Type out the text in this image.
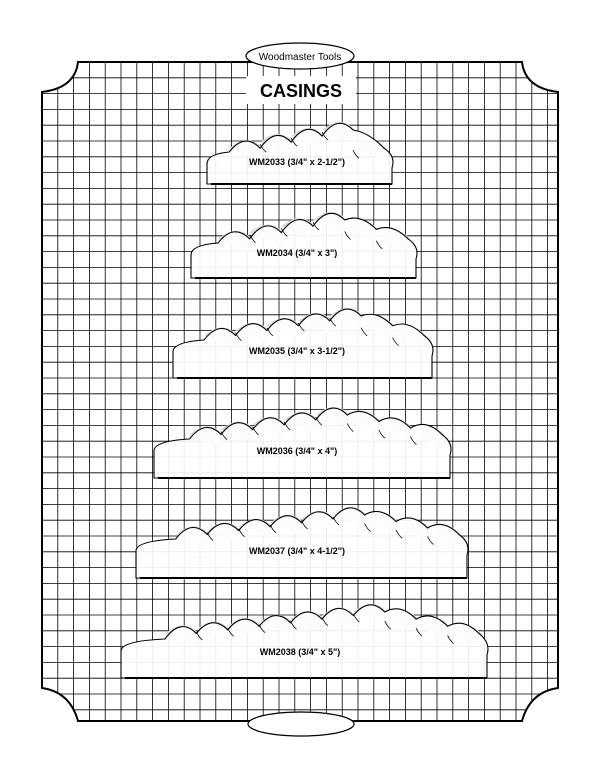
Woodmaster Tools
CASINGS
WM2033 (3/4" x 2-1/2")
WM2034 (3/4" x 3")
WM2035 (3/4" x 3-1/2")
WM2036 (3/4" x 4")
WM2037 (3/4" x 4-1/2")
WM2038 (3/4" x 5")
